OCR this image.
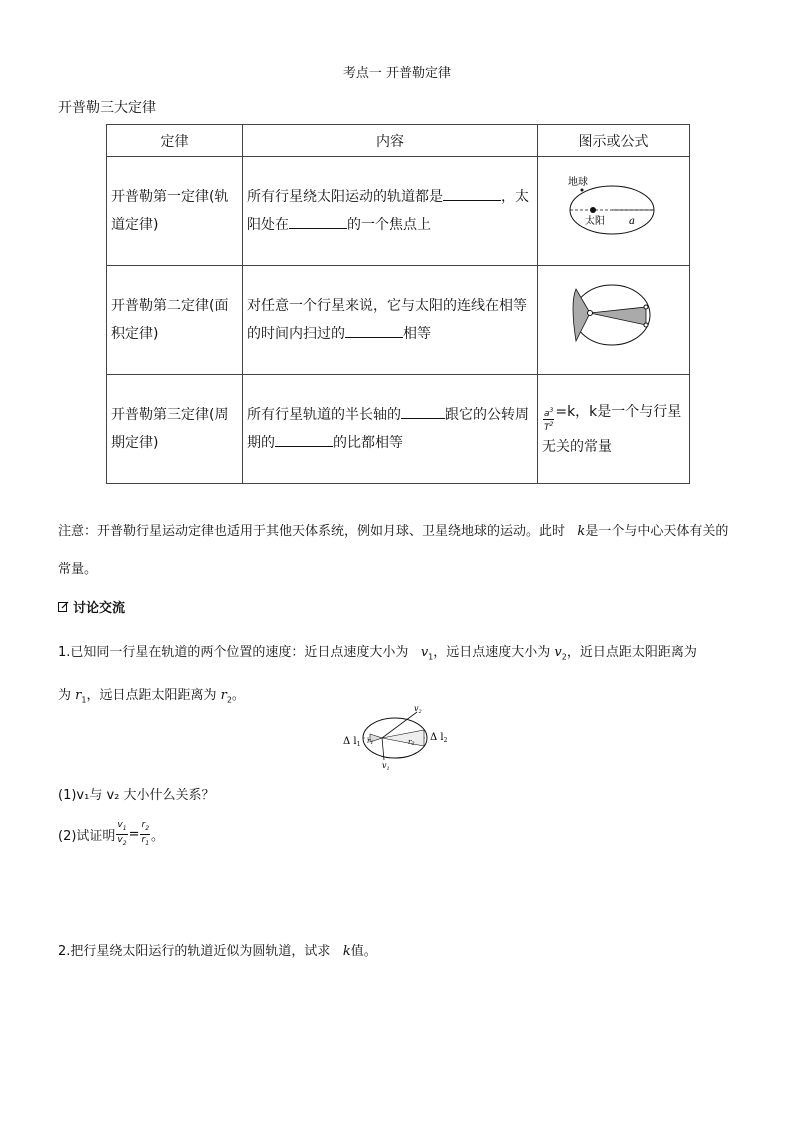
考点一 开普勒定律
开普勒三大定律
定律	内容	图示或公式
开普勒第一定律(轨道定律)	所有行星绕太阳运动的轨道都是 ，太阳处在 的一个焦点上	地球
太阳 a

开普勒第二定律(面积定律)	对任意一个行星来说，它与太阳的连线在相等的时间内扫过的 相等	
开普勒第三定律(周期定律)	所有行星轨道的半长轴的 跟它的公转周期的 的比都相等	$\frac{a^3}{T^2} =k$，k是一个与行星无关的常量
注意：开普勒行星运动定律也适用于其他天体系统，例如月球、卫星绕地球的运动。此时 k是一个与中心天体有关的常量。
讨论交流
1.已知同一行星在轨道的两个位置的速度：近日点速度大小为 $v_1$，远日点速度大小为 $v_2$，近日点距太阳距离为
为 $r_1$，远日点距太阳距离为 $r_2$。
Δ $l_1$
Δ $l_2$
$v_2$
$v_1$
r1	r2
(1)v₁与 v₂ 大小什么关系？
(2)试证明 $\frac{v_1}{v_2} = \frac{r_2}{r_1}$ 。
2.把行星绕太阳运行的轨道近似为圆轨道，试求 k值。
